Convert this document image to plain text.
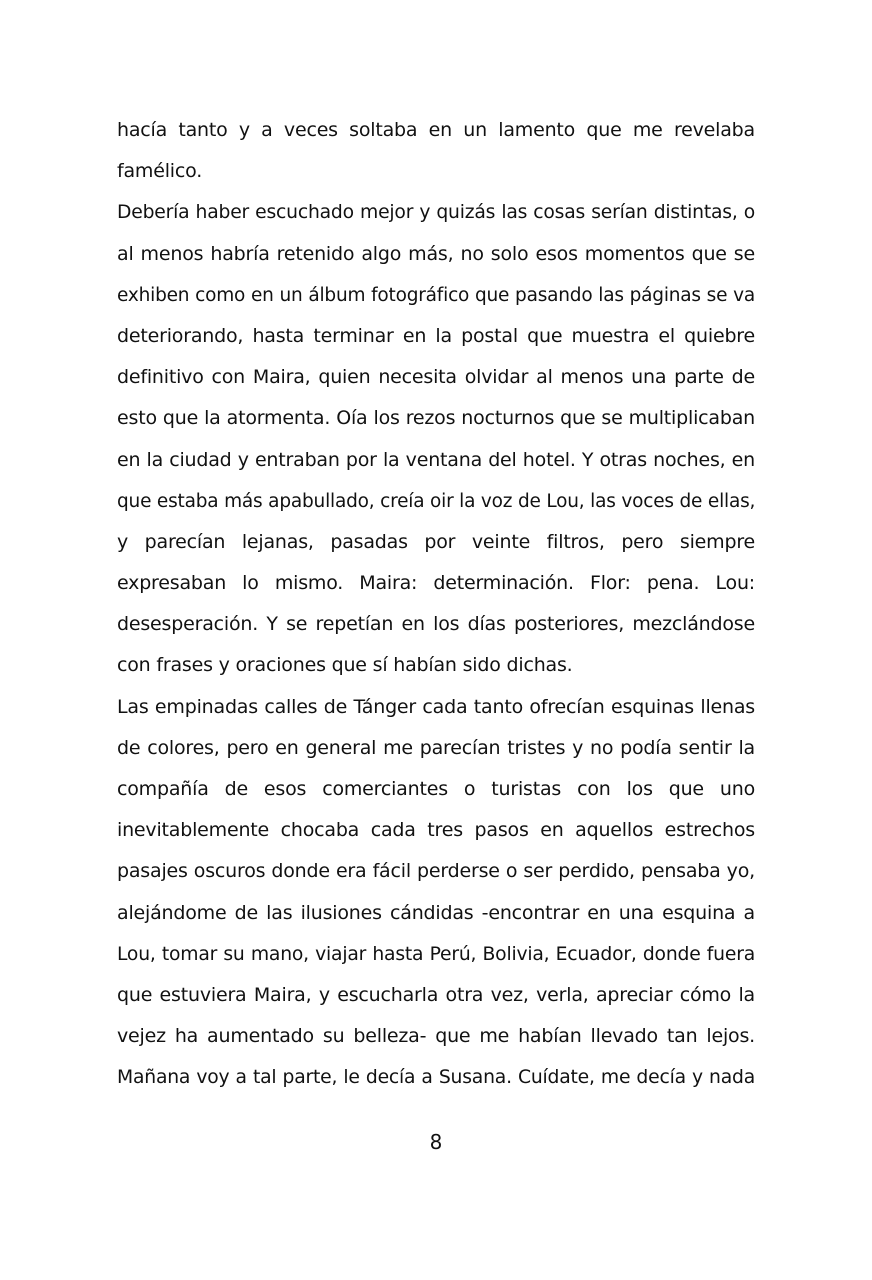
hacía tanto y a veces soltaba en un lamento que me revelaba
famélico.
Debería haber escuchado mejor y quizás las cosas serían distintas, o
al menos habría retenido algo más, no solo esos momentos que se
exhiben como en un álbum fotográfico que pasando las páginas se va
deteriorando, hasta terminar en la postal que muestra el quiebre
definitivo con Maira, quien necesita olvidar al menos una parte de
esto que la atormenta. Oía los rezos nocturnos que se multiplicaban
en la ciudad y entraban por la ventana del hotel. Y otras noches, en
que estaba más apabullado, creía oir la voz de Lou, las voces de ellas,
y parecían lejanas, pasadas por veinte filtros, pero siempre
expresaban lo mismo. Maira: determinación. Flor: pena. Lou:
desesperación. Y se repetían en los días posteriores, mezclándose
con frases y oraciones que sí habían sido dichas.
Las empinadas calles de Tánger cada tanto ofrecían esquinas llenas
de colores, pero en general me parecían tristes y no podía sentir la
compañía de esos comerciantes o turistas con los que uno
inevitablemente chocaba cada tres pasos en aquellos estrechos
pasajes oscuros donde era fácil perderse o ser perdido, pensaba yo,
alejándome de las ilusiones cándidas -encontrar en una esquina a
Lou, tomar su mano, viajar hasta Perú, Bolivia, Ecuador, donde fuera
que estuviera Maira, y escucharla otra vez, verla, apreciar cómo la
vejez ha aumentado su belleza- que me habían llevado tan lejos.
Mañana voy a tal parte, le decía a Susana. Cuídate, me decía y nada
8
